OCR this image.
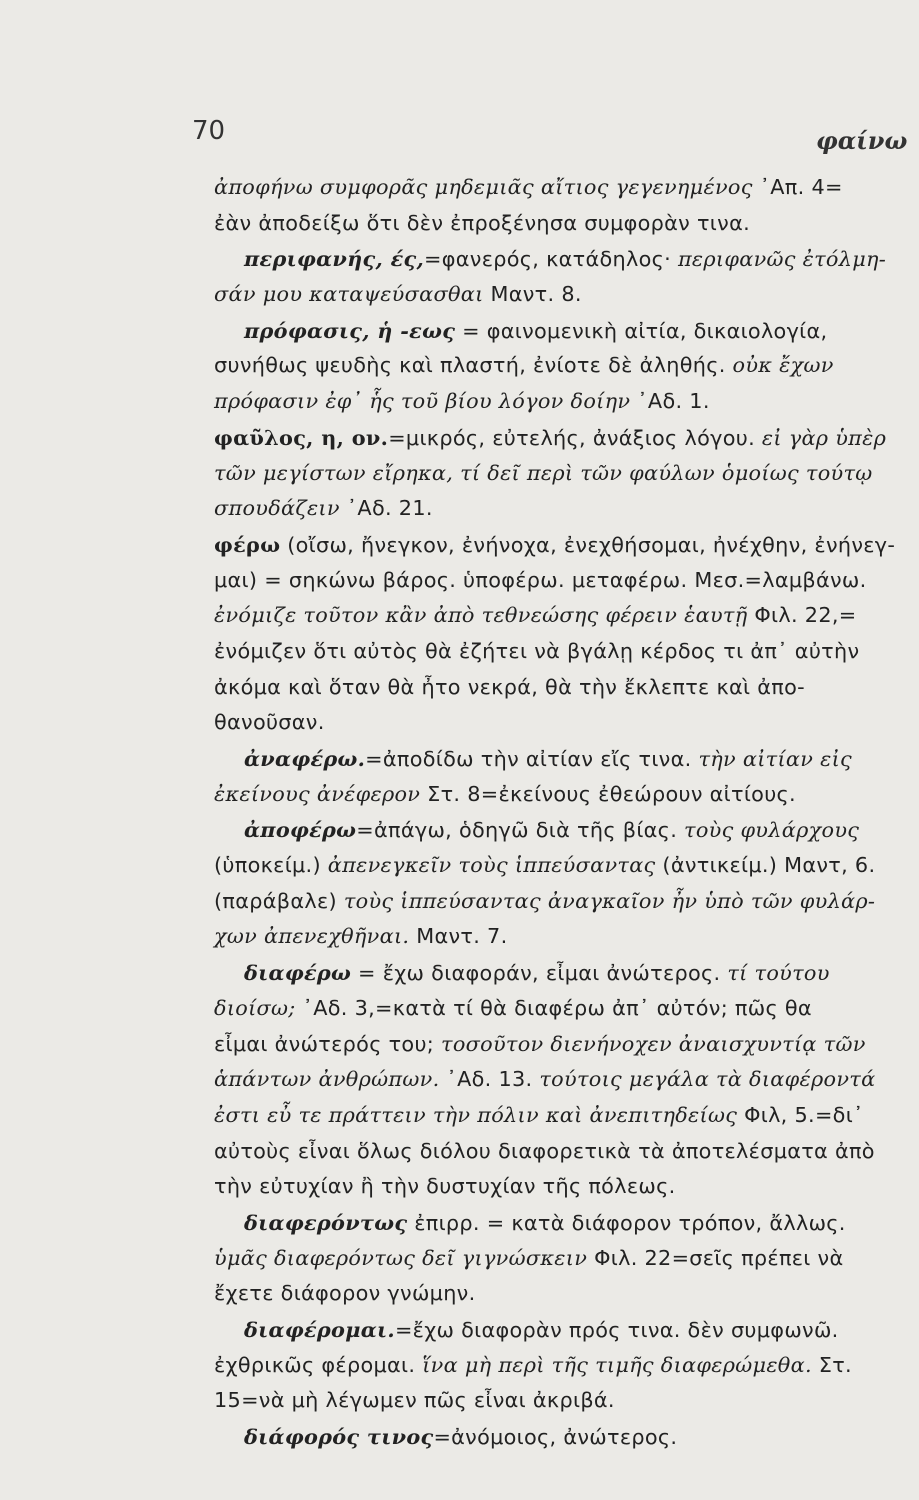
70	φαίνω
ἀποφήνω συμφορᾶς μηδεμιᾶς αἴτιος γεγενημένος ᾿Απ. 4=
ἐὰν ἀποδείξω ὅτι δὲν ἐπροξένησα συμφορὰν τινα.
περιφανής, ές,=φανερός, κατάδηλος· περιφανῶς ἐτόλμη-
σάν μου καταψεύσασθαι Μαντ. 8.
πρόφασις, ἡ -εως = φαινομενικὴ αἰτία, δικαιολογία,
συνήθως ψευδὴς καὶ πλαστή, ἐνίοτε δὲ ἀληθής. οὐκ ἔχων
πρόφασιν ἐφ᾿ ἧς τοῦ βίου λόγον δοίην ᾿Αδ. 1.
φαῦλος, η, ον.=μικρός, εὐτελής, ἀνάξιος λόγου. εἰ γὰρ ὑπὲρ
τῶν μεγίστων εἴρηκα, τί δεῖ περὶ τῶν φαύλων ὁμοίως τούτῳ
σπουδάζειν ᾿Αδ. 21.
φέρω (οἴσω, ἤνεγκον, ἐνήνοχα, ἐνεχθήσομαι, ἠνέχθην, ἐνήνεγ-
μαι) = σηκώνω βάρος. ὑποφέρω. μεταφέρω. Μεσ.=λαμβάνω.
ἐνόμιζε τοῦτον κἂν ἀπὸ τεθνεώσης φέρειν ἑαυτῇ Φιλ. 22,=
ἐνόμιζεν ὅτι αὐτὸς θὰ ἐζήτει νὰ βγάλῃ κέρδος τι ἀπ᾿ αὐτὴν
ἀκόμα καὶ ὅταν θὰ ἦτο νεκρά, θὰ τὴν ἔκλεπτε καὶ ἀπο-
θανοῦσαν.
ἀναφέρω.=ἀποδίδω τὴν αἰτίαν εἴς τινα. τὴν αἰτίαν εἰς
ἐκείνους ἀνέφερον Στ. 8=ἐκείνους ἐθεώρουν αἰτίους.
ἀποφέρω=ἀπάγω, ὁδηγῶ διὰ τῆς βίας. τοὺς φυλάρχους
(ὑποκείμ.) ἀπενεγκεῖν τοὺς ἱππεύσαντας (ἀντικείμ.) Μαντ, 6.
(παράβαλε) τοὺς ἱππεύσαντας ἀναγκαῖον ἦν ὑπὸ τῶν φυλάρ-
χων ἀπενεχθῆναι. Μαντ. 7.
διαφέρω = ἔχω διαφοράν, εἶμαι ἀνώτερος. τί τούτου
διοίσω; ᾿Αδ. 3,=κατὰ τί θὰ διαφέρω ἀπ᾿ αὐτόν; πῶς θα
εἶμαι ἀνώτερός του; τοσοῦτον διενήνοχεν ἀναισχυντίᾳ τῶν
ἁπάντων ἀνθρώπων. ᾿Αδ. 13. τούτοις μεγάλα τὰ διαφέροντά
ἐστι εὖ τε πράττειν τὴν πόλιν καὶ ἀνεπιτηδείως Φιλ, 5.=δι᾿
αὐτοὺς εἶναι ὅλως διόλου διαφορετικὰ τὰ ἀποτελέσματα ἀπὸ
τὴν εὐτυχίαν ἢ τὴν δυστυχίαν τῆς πόλεως.
διαφερόντως ἐπιρρ. = κατὰ διάφορον τρόπον, ἄλλως.
ὑμᾶς διαφερόντως δεῖ γιγνώσκειν Φιλ. 22=σεῖς πρέπει νὰ
ἔχετε διάφορον γνώμην.
διαφέρομαι.=ἔχω διαφορὰν πρός τινα. δὲν συμφωνῶ.
ἐχθρικῶς φέρομαι. ἵνα μὴ περὶ τῆς τιμῆς διαφερώμεθα. Στ.
15=νὰ μὴ λέγωμεν πῶς εἶναι ἀκριβά.
διάφορός τινος=ἀνόμοιος, ἀνώτερος.
